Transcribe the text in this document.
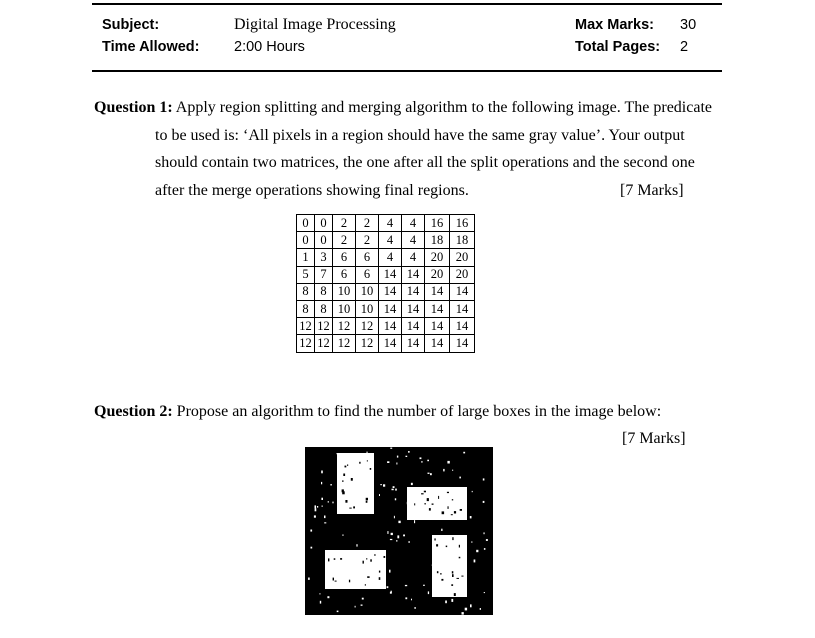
Subject:	Digital Image Processing	Max Marks: 30
Time Allowed: 2:00 Hours	Total Pages: 2
Question 1: Apply region splitting and merging algorithm to the following image. The predicate
to be used is: ‘All pixels in a region should have the same gray value’. Your output
should contain two matrices, the one after all the split operations and the second one
after the merge operations showing final regions.	[7 Marks]
0	0	2	2	4	4	16	16
0	0	2	2	4	4	18	18
1	3	6	6	4	4	20	20
5	7	6	6	14	14	20	20
8	8	10	10	14	14	14	14
8	8	10	10	14	14	14	14
12	12	12	12	14	14	14	14
12	12	12	12	14	14	14	14
Question 2: Propose an algorithm to find the number of large boxes in the image below:
[7 Marks]
